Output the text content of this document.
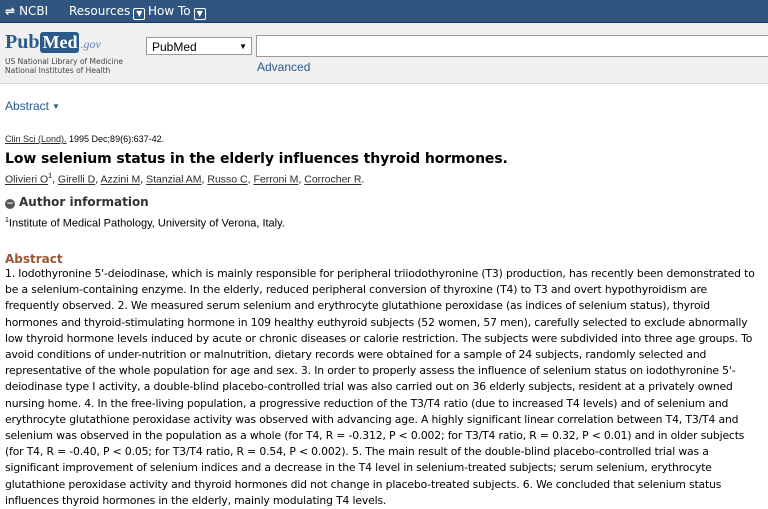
⇌ NCBI Resources ▼ How To ▼
Pub Med .gov
US National Library of Medicine
National Institutes of Health
PubMed	▼
Advanced
Abstract ▼
Clin Sci (Lond). 1995 Dec;89(6):637-42.
Low selenium status in the elderly influences thyroid hormones.
Olivieri $O^1$, Girelli D, Azzini M, Stanzial AM, Russo C, Ferroni M, Corrocher R.
− Author information
$^1$Institute of Medical Pathology, University of Verona, Italy.
Abstract
1. Iodothyronine 5'-deiodinase, which is mainly responsible for peripheral triiodothyronine (T3) production, has recently been demonstrated to be a selenium-containing enzyme. In the elderly, reduced peripheral conversion of thyroxine (T4) to T3 and overt hypothyroidism are frequently observed. 2. We measured serum selenium and erythrocyte glutathione peroxidase (as indices of selenium status), thyroid hormones and thyroid-stimulating hormone in 109 healthy euthyroid subjects (52 women, 57 men), carefully selected to exclude abnormally low thyroid hormone levels induced by acute or chronic diseases or calorie restriction. The subjects were subdivided into three age groups. To avoid conditions of under-nutrition or malnutrition, dietary records were obtained for a sample of 24 subjects, randomly selected and representative of the whole population for age and sex. 3. In order to properly assess the influence of selenium status on iodothyronine 5'-deiodinase type I activity, a double-blind placebo-controlled trial was also carried out on 36 elderly subjects, resident at a privately owned nursing home. 4. In the free-living population, a progressive reduction of the T3/T4 ratio (due to increased T4 levels) and of selenium and erythrocyte glutathione peroxidase activity was observed with advancing age. A highly significant linear correlation between T4, T3/T4 and selenium was observed in the population as a whole (for T4, R = -0.312, P < 0.002; for T3/T4 ratio, R = 0.32, P < 0.01) and in older subjects (for T4, R = -0.40, P < 0.05; for T3/T4 ratio, R = 0.54, P < 0.002). 5. The main result of the double-blind placebo-controlled trial was a significant improvement of selenium indices and a decrease in the T4 level in selenium-treated subjects; serum selenium, erythrocyte glutathione peroxidase activity and thyroid hormones did not change in placebo-treated subjects. 6. We concluded that selenium status influences thyroid hormones in the elderly, mainly modulating T4 levels.
